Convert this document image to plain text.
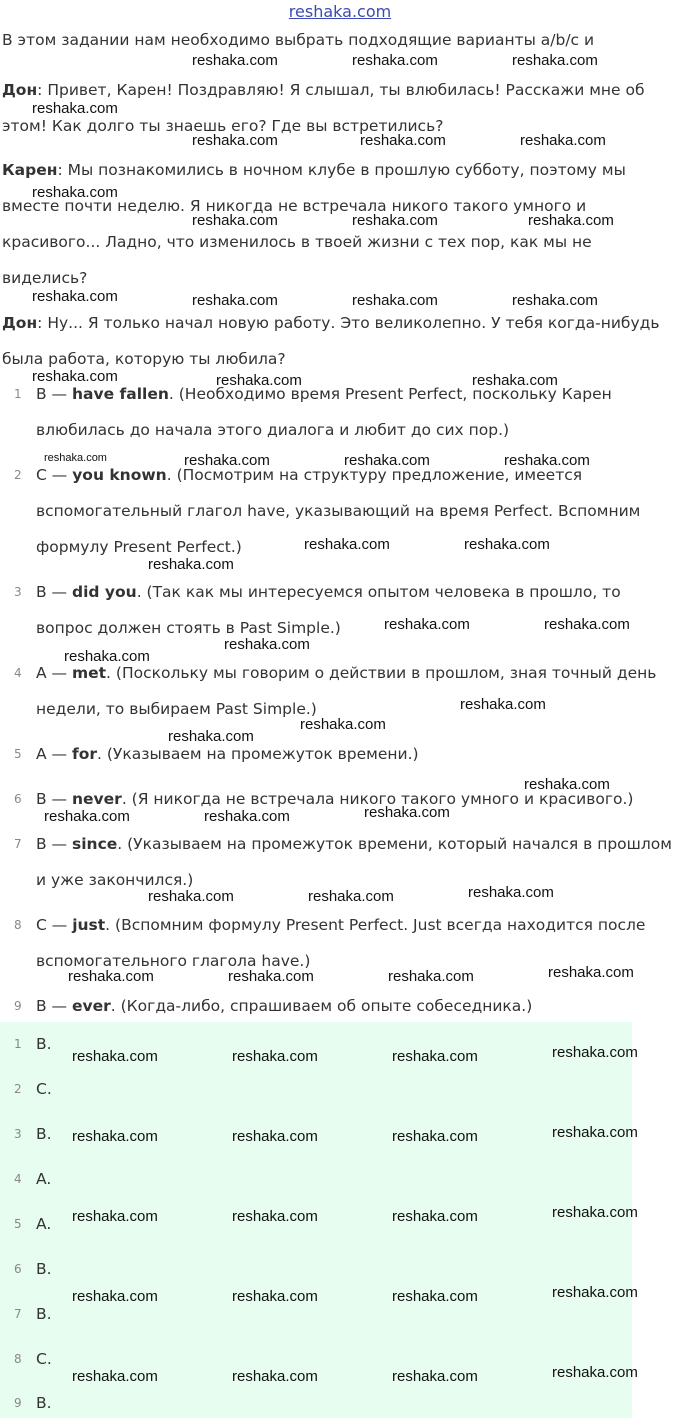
reshaka.com
В этом задании нам необходимо выбрать подходящие варианты a/b/c и
Дон: Привет, Карен! Поздравляю! Я слышал, ты влюбилась! Расскажи мне об этом! Как долго ты знаешь его? Где вы встретились?
Карен: Мы познакомились в ночном клубе в прошлую субботу, поэтому мы вместе почти неделю. Я никогда не встречала никого такого умного и красивого... Ладно, что изменилось в твоей жизни с тех пор, как мы не виделись?
Дон: Ну... Я только начал новую работу. Это великолепно. У тебя когда-нибудь была работа, которую ты любила?
1 B — have fallen. (Необходимо время Present Perfect, поскольку Карен влюбилась до начала этого диалога и любит до сих пор.)
2 C — you known. (Посмотрим на структуру предложение, имеется вспомогательный глагол have, указывающий на время Perfect. Вспомним формулу Present Perfect.)
3 B — did you. (Так как мы интересуемся опытом человека в прошло, то вопрос должен стоять в Past Simple.)
4 A — met. (Поскольку мы говорим о действии в прошлом, зная точный день недели, то выбираем Past Simple.)
5 A — for. (Указываем на промежуток времени.)
6 B — never. (Я никогда не встречала никого такого умного и красивого.)
7 B — since. (Указываем на промежуток времени, который начался в прошлом и уже закончился.)
8 C — just. (Вспомним формулу Present Perfect. Just всегда находится после вспомогательного глагола have.)
9 B — ever. (Когда-либо, спрашиваем об опыте собеседника.)
1 B.
2 C.
3 B.
4 A.
5 A.
6 B.
7 B.
8 C.
9 B.
reshaka.com	reshaka.com	reshaka.com
reshaka.com
reshaka.com	reshaka.com	reshaka.com
reshaka.com
reshaka.com	reshaka.com	reshaka.com
reshaka.com	reshaka.com	reshaka.com	reshaka.com
reshaka.com	reshaka.com	reshaka.com
reshaka.com	reshaka.com	reshaka.com
reshaka.com	reshaka.com
reshaka.com
reshaka.com	reshaka.com
reshaka.com
reshaka.com
reshaka.com
reshaka.com
reshaka.com
reshaka.com
reshaka.com	reshaka.com	reshaka.com
reshaka.com	reshaka.com	reshaka.com
reshaka.com	reshaka.com	reshaka.com	reshaka.com
reshaka.com	reshaka.com	reshaka.com	reshaka.com
reshaka.com	reshaka.com	reshaka.com	reshaka.com
reshaka.com	reshaka.com	reshaka.com	reshaka.com
reshaka.com	reshaka.com	reshaka.com	reshaka.com
reshaka.com	reshaka.com	reshaka.com	reshaka.com
reshaka.com
